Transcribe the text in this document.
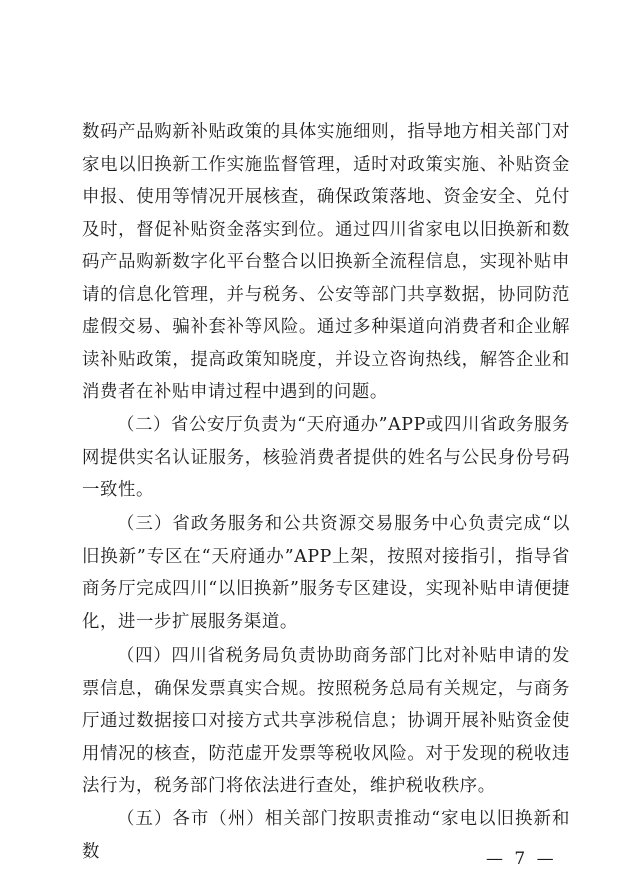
数码产品购新补贴政策的具体实施细则，指导地方相关部门对家电以旧换新工作实施监督管理，适时对政策实施、补贴资金申报、使用等情况开展核查，确保政策落地、资金安全、兑付及时，督促补贴资金落实到位。通过四川省家电以旧换新和数码产品购新数字化平台整合以旧换新全流程信息，实现补贴申请的信息化管理，并与税务、公安等部门共享数据，协同防范虚假交易、骗补套补等风险。通过多种渠道向消费者和企业解读补贴政策，提高政策知晓度，并设立咨询热线，解答企业和消费者在补贴申请过程中遇到的问题。

（二）省公安厅负责为“天府通办”APP或四川省政务服务网提供实名认证服务，核验消费者提供的姓名与公民身份号码一致性。

（三）省政务服务和公共资源交易服务中心负责完成“以旧换新”专区在“天府通办”APP上架，按照对接指引，指导省商务厅完成四川“以旧换新”服务专区建设，实现补贴申请便捷化，进一步扩展服务渠道。

（四）四川省税务局负责协助商务部门比对补贴申请的发票信息，确保发票真实合规。按照税务总局有关规定，与商务厅通过数据接口对接方式共享涉税信息；协调开展补贴资金使用情况的核查，防范虚开发票等税收风险。对于发现的税收违法行为，税务部门将依法进行查处，维护税收秩序。

（五）各市（州）相关部门按职责推动“家电以旧换新和数	— 7 —
